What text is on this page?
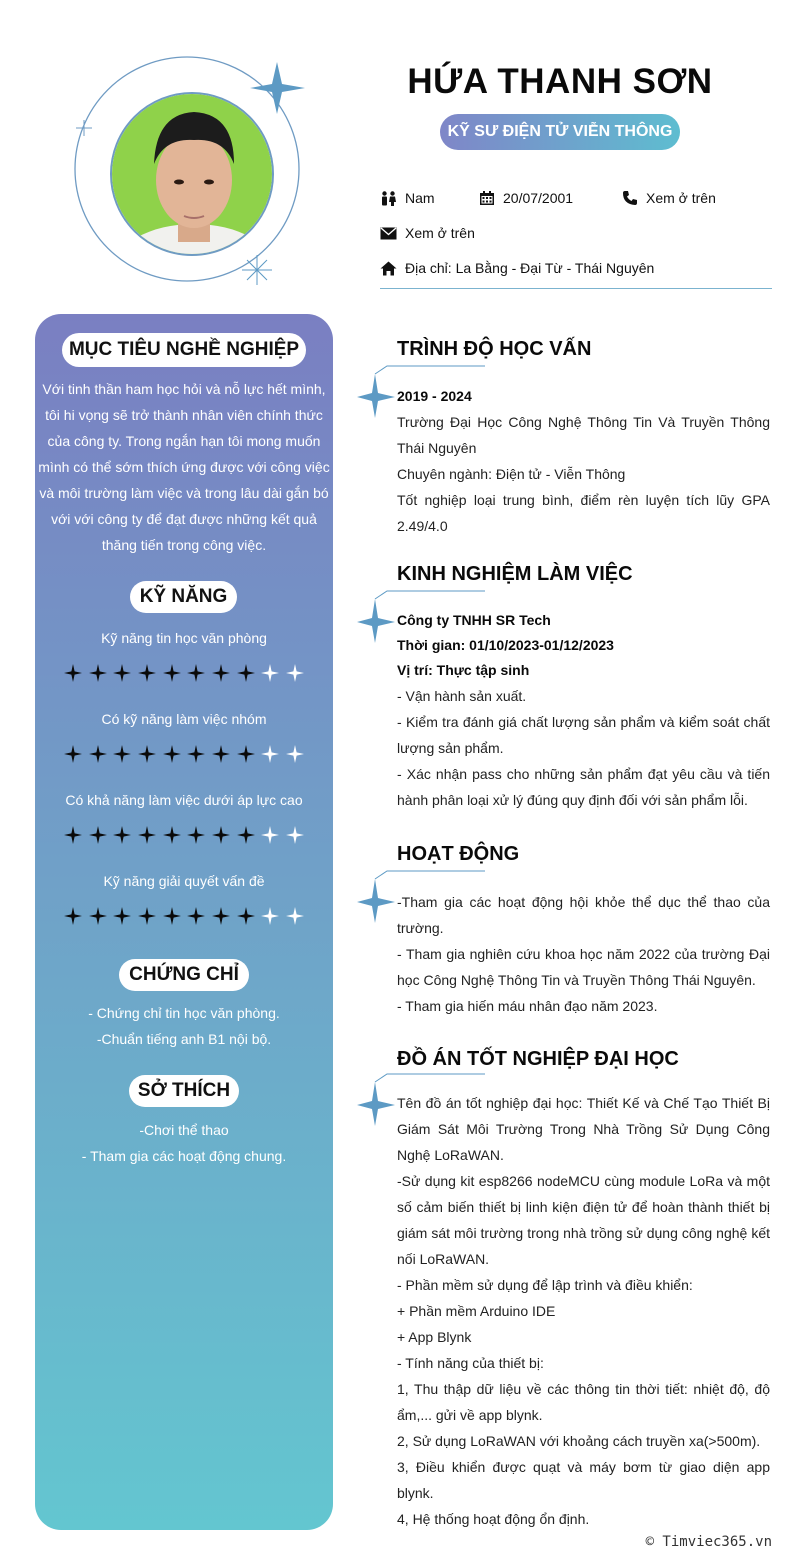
HỨA THANH SƠN
KỸ SƯ ĐIỆN TỬ VIỄN THÔNG
Nam	20/07/2001	Xem ở trên
Xem ở trên
Địa chỉ: La Bằng - Đại Từ - Thái Nguyên
MỤC TIÊU NGHỀ NGHIỆP
Với tinh thần ham học hỏi và nỗ lực hết mình,
tôi hi vọng sẽ trở thành nhân viên chính thức
của công ty. Trong ngắn hạn tôi mong muốn
mình có thể sớm thích ứng được với công việc
và môi trường làm việc và trong lâu dài gắn bó
với với công ty để đạt được những kết quả
thăng tiến trong công việc.
KỸ NĂNG
Kỹ năng tin học văn phòng
Có kỹ năng làm việc nhóm
Có khả năng làm việc dưới áp lực cao
Kỹ năng giải quyết vấn đề
CHỨNG CHỈ
- Chứng chỉ tin học văn phòng.
-Chuẩn tiếng anh B1 nội bộ.
SỞ THÍCH
-Chơi thể thao
- Tham gia các hoạt động chung.
TRÌNH ĐỘ HỌC VẤN
2019 - 2024
Trường Đại Học Công Nghệ Thông Tin Và Truyền Thông Thái Nguyên
Chuyên ngành: Điện tử - Viễn Thông
Tốt nghiệp loại trung bình, điểm rèn luyện tích lũy GPA 2.49/4.0
KINH NGHIỆM LÀM VIỆC
Công ty TNHH SR Tech
Thời gian: 01/10/2023-01/12/2023
Vị trí: Thực tập sinh
- Vận hành sản xuất.
- Kiểm tra đánh giá chất lượng sản phẩm và kiểm soát chất lượng sản phẩm.
- Xác nhận pass cho những sản phẩm đạt yêu cầu và tiến hành phân loại xử lý đúng quy định đối với sản phẩm lỗi.
HOẠT ĐỘNG
-Tham gia các hoạt động hội khỏe thể dục thể thao của trường.
- Tham gia nghiên cứu khoa học năm 2022 của trường Đại học Công Nghệ Thông Tin và Truyền Thông Thái Nguyên.
- Tham gia hiến máu nhân đạo năm 2023.
ĐỒ ÁN TỐT NGHIỆP ĐẠI HỌC
Tên đồ án tốt nghiệp đại học: Thiết Kế và Chế Tạo Thiết Bị Giám Sát Môi Trường Trong Nhà Trồng Sử Dụng Công Nghệ LoRaWAN.
-Sử dụng kit esp8266 nodeMCU cùng module LoRa và một số cảm biến thiết bị linh kiện điện tử để hoàn thành thiết bị giám sát môi trường trong nhà trồng sử dụng công nghệ kết nối LoRaWAN.
- Phần mềm sử dụng để lập trình và điều khiển:
+ Phần mềm Arduino IDE
+ App Blynk
- Tính năng của thiết bị:
1, Thu thập dữ liệu về các thông tin thời tiết: nhiệt độ, độ ẩm,... gửi về app blynk.
2, Sử dụng LoRaWAN với khoảng cách truyền xa(>500m).
3, Điều khiển được quạt và máy bơm từ giao diện app blynk.
4, Hệ thống hoạt động ổn định.
© Timviec365.vn
